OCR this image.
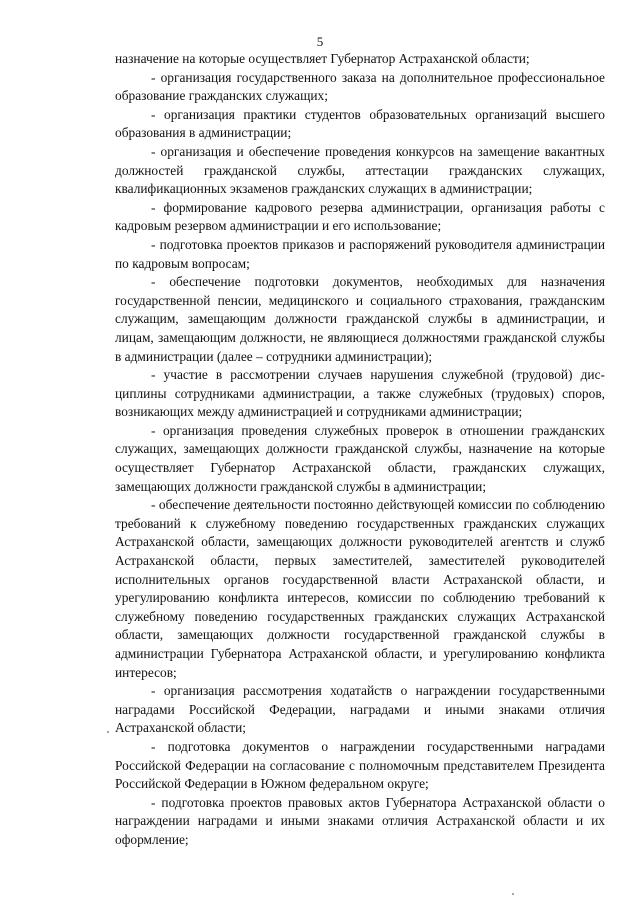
5

назначение на которые осуществляет Губернатор Астраханской области;

- организация государственного заказа на дополнительное профессиональное образование гражданских служащих;

- организация практики студентов образовательных организаций высшего образования в администрации;

- организация и обеспечение проведения конкурсов на замещение вакантных должностей гражданской службы, аттестации гражданских служащих, квалификационных экзаменов гражданских служащих в администрации;

- формирование кадрового резерва администрации, организация работы с кадровым резервом администрации и его использование;

- подготовка проектов приказов и распоряжений руководителя администрации по кадровым вопросам;

- обеспечение подготовки документов, необходимых для назначения государственной пенсии, медицинского и социального страхования, гражданским служащим, замещающим должности гражданской службы в администрации, и лицам, замещающим должности, не являющиеся должностями гражданской службы в администрации (далее – сотрудники администрации);

- участие в рассмотрении случаев нарушения служебной (трудовой) дисциплины сотрудниками администрации, а также служебных (трудовых) споров, возникающих между администрацией и сотрудниками администрации;

- организация проведения служебных проверок в отношении гражданских служащих, замещающих должности гражданской службы, назначение на которые осуществляет Губернатор Астраханской области, гражданских служащих, замещающих должности гражданской службы в администрации;

- обеспечение деятельности постоянно действующей комиссии по соблюдению требований к служебному поведению государственных гражданских служащих Астраханской области, замещающих должности руководителей агентств и служб Астраханской области, первых заместителей, заместителей руководителей исполнительных органов государственной власти Астраханской области, и урегулированию конфликта интересов, комиссии по соблюдению требований к служебному поведению государственных гражданских служащих Астраханской области, замещающих должности государственной гражданской службы в администрации Губернатора Астраханской области, и урегулированию конфликта интересов;

- организация рассмотрения ходатайств о награждении государственными наградами Российской Федерации, наградами и иными знаками отличия Астраханской области;

- подготовка документов о награждении государственными наградами Российской Федерации на согласование с полномочным представителем Президента Российской Федерации в Южном федеральном округе;

- подготовка проектов правовых актов Губернатора Астраханской области о награждении наградами и иными знаками отличия Астраханской области и их оформление;
